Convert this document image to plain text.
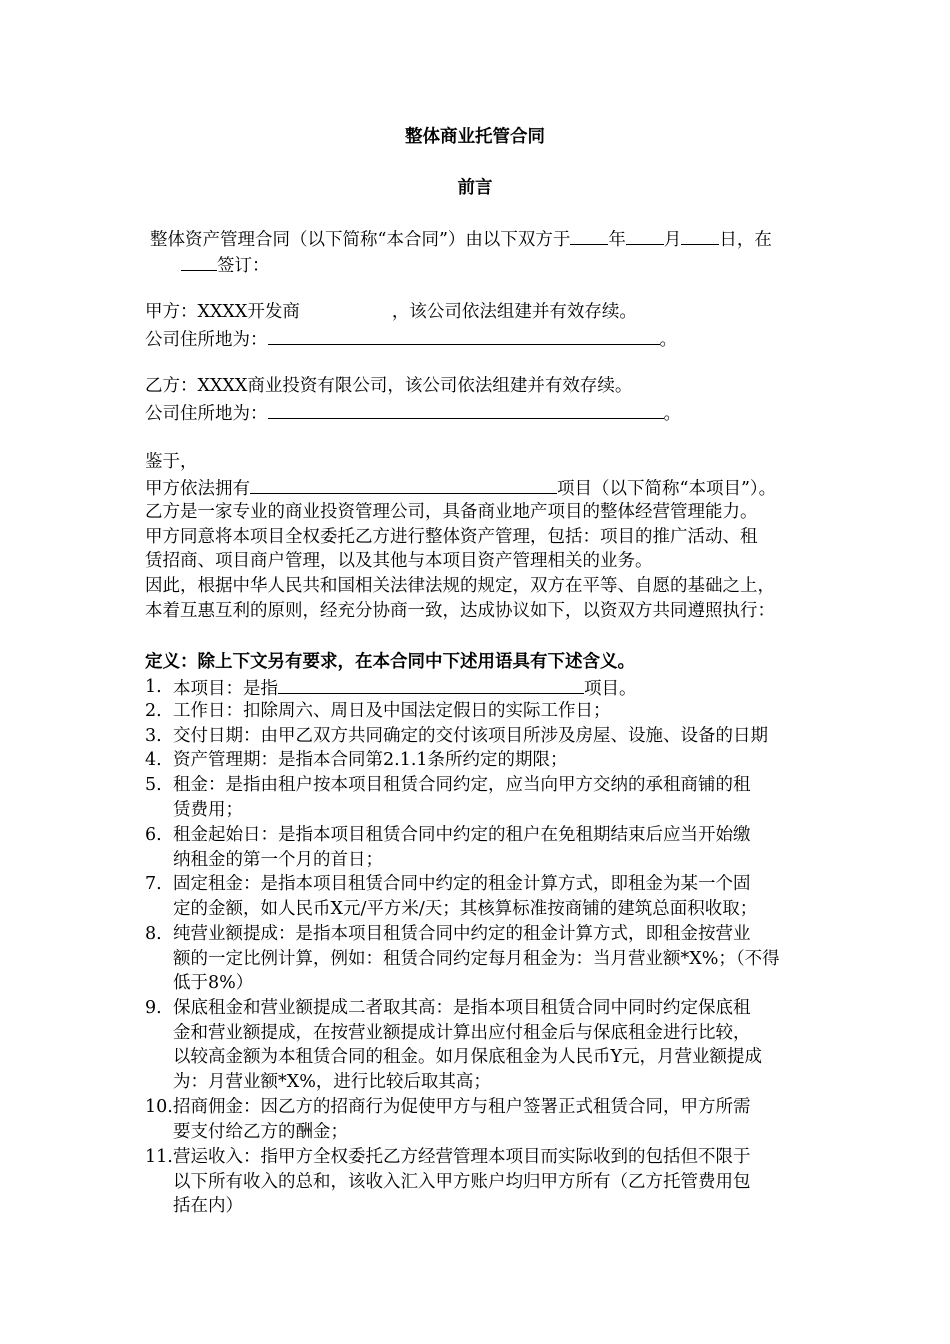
整体商业托管合同
前言
整体资产管理合同（以下简称“本合同”）由以下双方于 年 月 日，在
签订：
甲方：XXXX开发商	，该公司依法组建并有效存续。
公司住所地为：	。
乙方：XXXX商业投资有限公司，该公司依法组建并有效存续。
公司住所地为：	。
鉴于，
甲方依法拥有	项目（以下简称“本项目”）。
乙方是一家专业的商业投资管理公司，具备商业地产项目的整体经营管理能力。
甲方同意将本项目全权委托乙方进行整体资产管理，包括：项目的推广活动、租
赁招商、项目商户管理，以及其他与本项目资产管理相关的业务。
因此，根据中华人民共和国相关法律法规的规定，双方在平等、自愿的基础之上，
本着互惠互利的原则，经充分协商一致，达成协议如下，以资双方共同遵照执行：
定义：除上下文另有要求，在本合同中下述用语具有下述含义。
1. 本项目：是指	项目。
2. 工作日：扣除周六、周日及中国法定假日的实际工作日；
3. 交付日期：由甲乙双方共同确定的交付该项目所涉及房屋、设施、设备的日期
4. 资产管理期：是指本合同第2.1.1条所约定的期限；
5. 租金：是指由租户按本项目租赁合同约定，应当向甲方交纳的承租商铺的租
赁费用；
6. 租金起始日：是指本项目租赁合同中约定的租户在免租期结束后应当开始缴
纳租金的第一个月的首日；
7. 固定租金：是指本项目租赁合同中约定的租金计算方式，即租金为某一个固
定的金额，如人民币X元/平方米/天；其核算标准按商铺的建筑总面积收取；
8. 纯营业额提成：是指本项目租赁合同中约定的租金计算方式，即租金按营业
额的一定比例计算，例如：租赁合同约定每月租金为：当月营业额*X%；（不得
低于8%）
9. 保底租金和营业额提成二者取其高：是指本项目租赁合同中同时约定保底租
金和营业额提成，在按营业额提成计算出应付租金后与保底租金进行比较，
以较高金额为本租赁合同的租金。如月保底租金为人民币Y元，月营业额提成
为：月营业额*X%，进行比较后取其高；
10. 招商佣金：因乙方的招商行为促使甲方与租户签署正式租赁合同，甲方所需
要支付给乙方的酬金；
11. 营运收入：指甲方全权委托乙方经营管理本项目而实际收到的包括但不限于
以下所有收入的总和，该收入汇入甲方账户均归甲方所有（乙方托管费用包
括在内）
